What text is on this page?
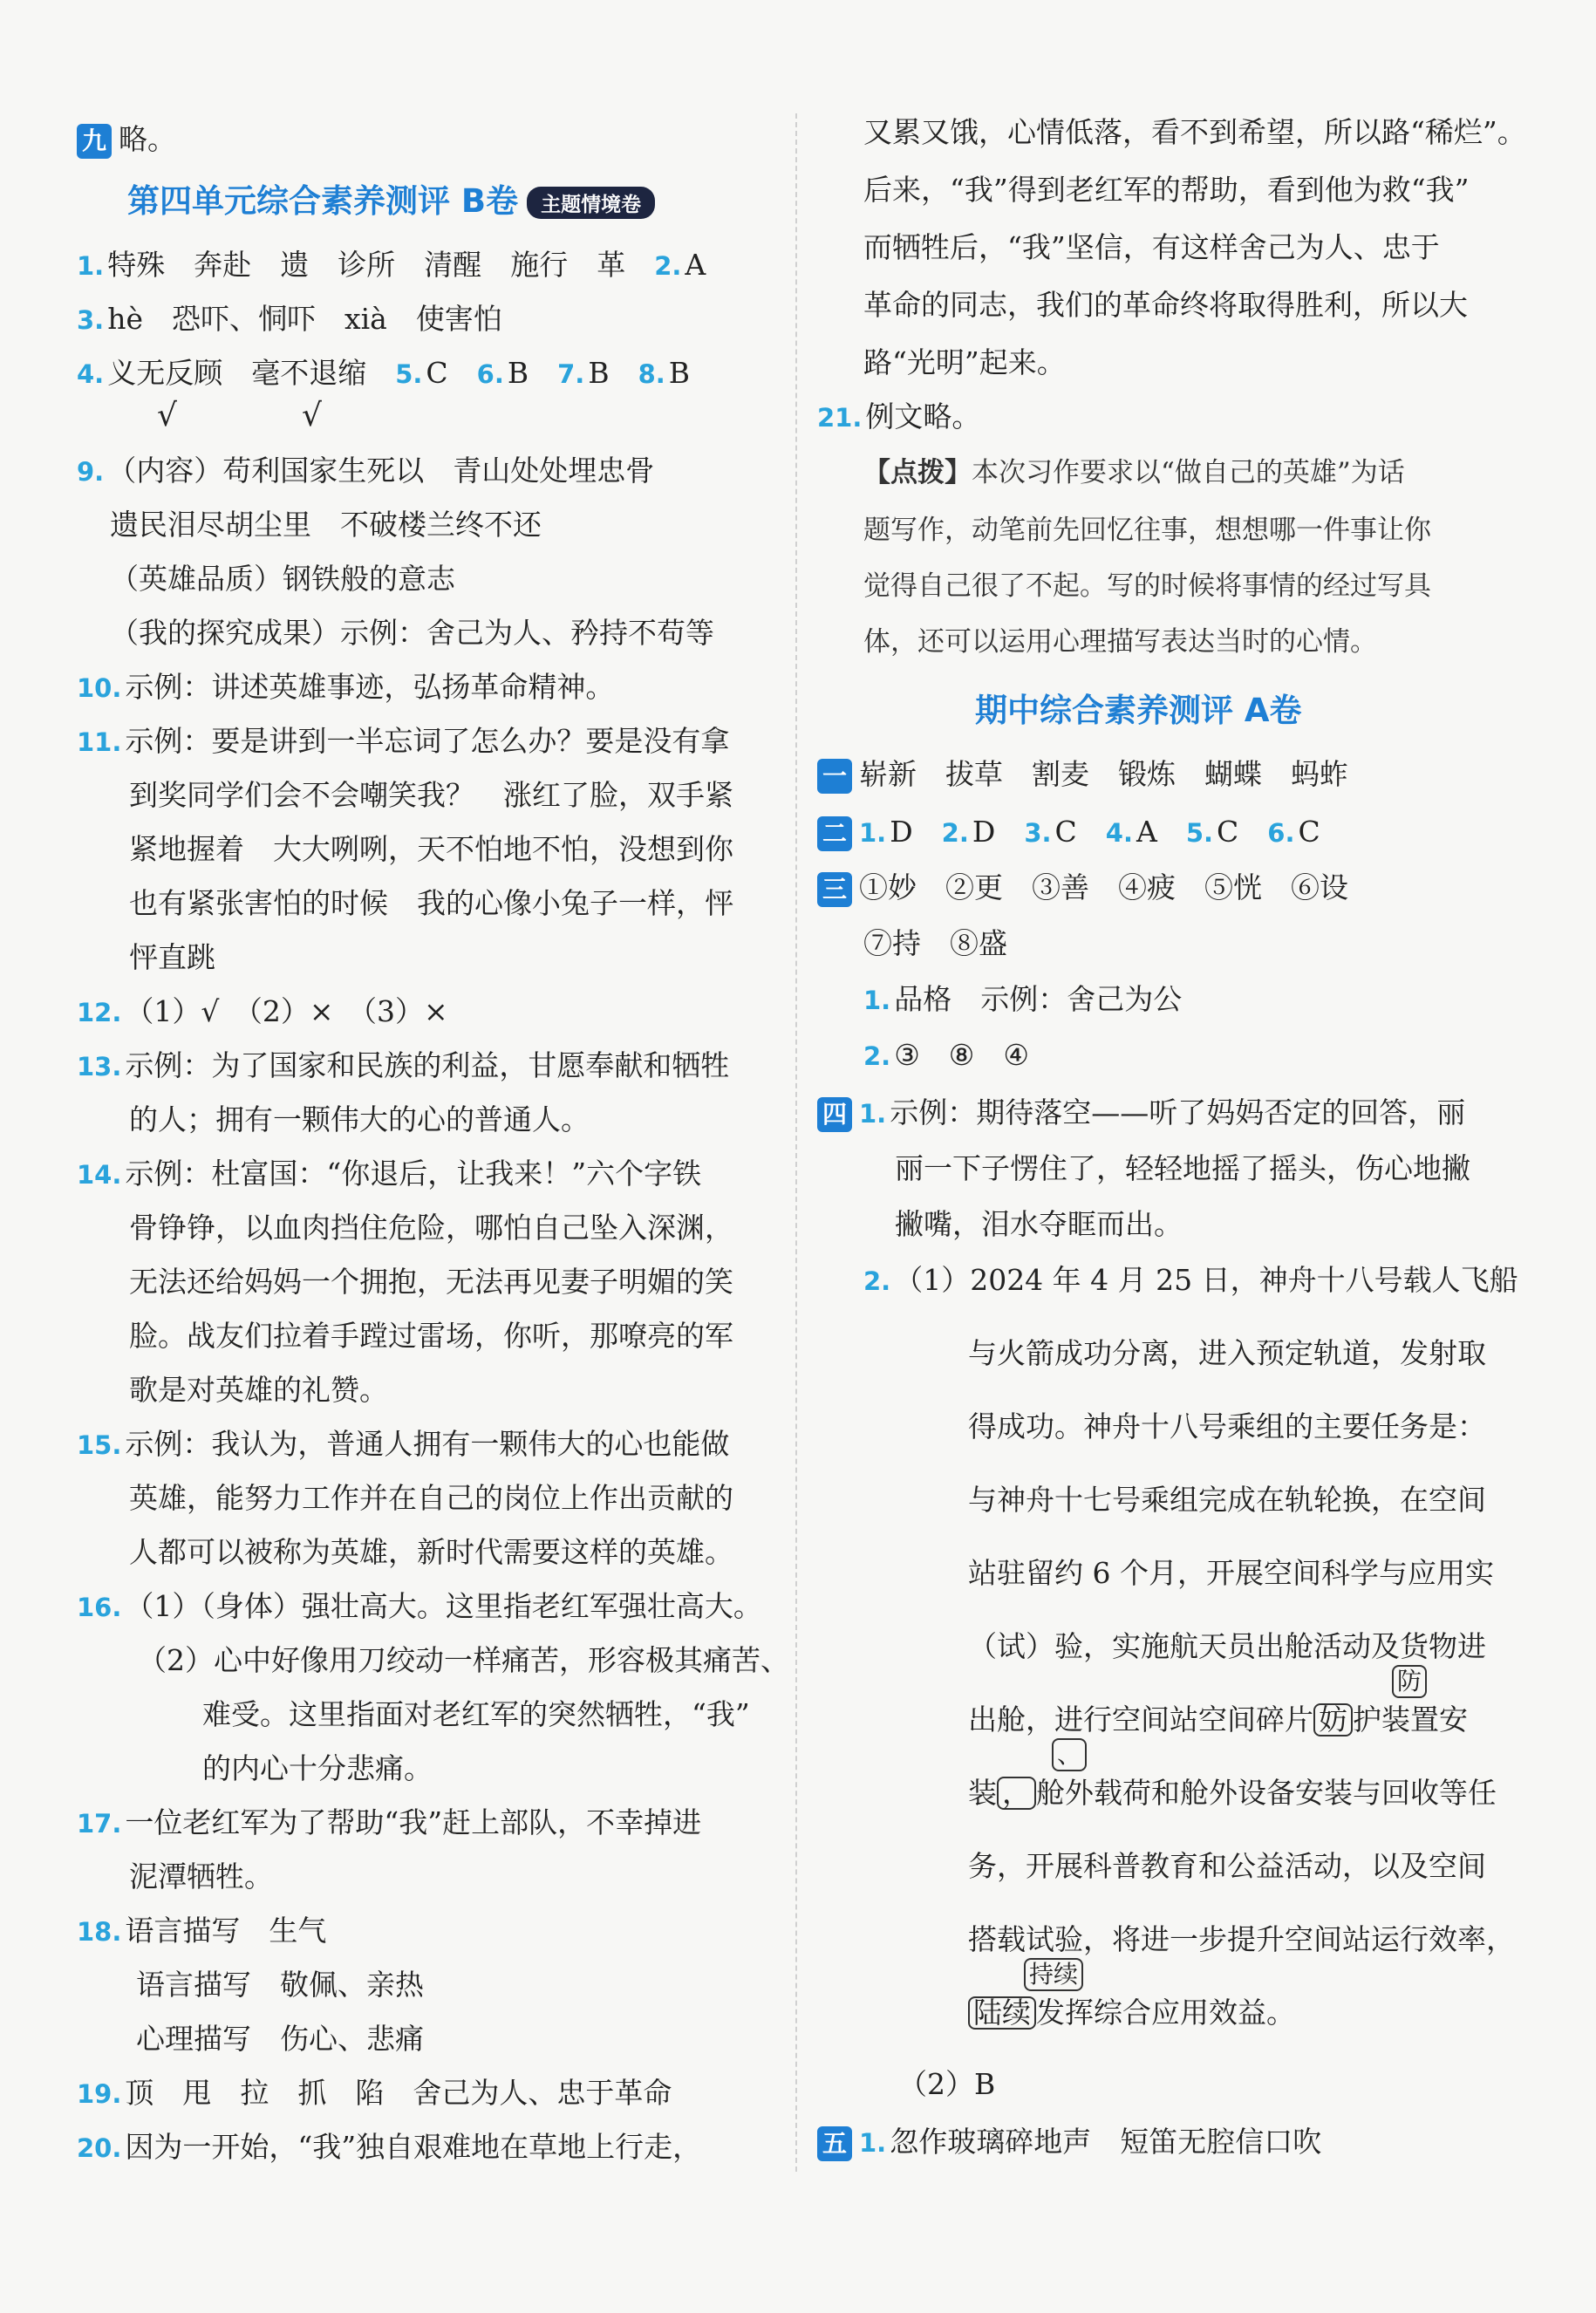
九 略。
第四单元综合素养测评 B卷 主题情境卷
1. 特殊　奔赴　遗　诊所　清醒　施行　革　 2. A
3. hè　恐吓、恫吓　xià　使害怕
4. 义无反顾　毫不退缩　 5. C　 6. B　 7. B　 8. B
√	√
9. （内容）苟利国家生死以　青山处处埋忠骨
遗民泪尽胡尘里　不破楼兰终不还
（英雄品质）钢铁般的意志
（我的探究成果）示例：舍己为人、矜持不苟等
10. 示例：讲述英雄事迹，弘扬革命精神。
11. 示例：要是讲到一半忘词了怎么办？要是没有拿
到奖同学们会不会嘲笑我？　涨红了脸，双手紧
紧地握着　大大咧咧，天不怕地不怕，没想到你
也有紧张害怕的时候　我的心像小兔子一样，怦
怦直跳
12. （1）√　（2）×　（3）×
13. 示例：为了国家和民族的利益，甘愿奉献和牺牲
的人；拥有一颗伟大的心的普通人。
14. 示例：杜富国：“你退后，让我来！”六个字铁
骨铮铮，以血肉挡住危险，哪怕自己坠入深渊，
无法还给妈妈一个拥抱，无法再见妻子明媚的笑
脸。战友们拉着手蹚过雷场，你听，那嘹亮的军
歌是对英雄的礼赞。
15. 示例：我认为，普通人拥有一颗伟大的心也能做
英雄，能努力工作并在自己的岗位上作出贡献的
人都可以被称为英雄，新时代需要这样的英雄。
16. （1）（身体）强壮高大。这里指老红军强壮高大。
（2）心中好像用刀绞动一样痛苦，形容极其痛苦、
难受。这里指面对老红军的突然牺牲，“我”
的内心十分悲痛。
17. 一位老红军为了帮助“我”赶上部队，不幸掉进
泥潭牺牲。
18. 语言描写　生气
语言描写　敬佩、亲热
心理描写　伤心、悲痛
19. 顶　甩　拉　抓　陷　舍己为人、忠于革命
20. 因为一开始，“我”独自艰难地在草地上行走，
又累又饿，心情低落，看不到希望，所以路“稀烂”。
后来，“我”得到老红军的帮助，看到他为救“我”
而牺牲后，“我”坚信，有这样舍己为人、忠于
革命的同志，我们的革命终将取得胜利，所以大
路“光明”起来。
21. 例文略。
【点拨】本次习作要求以“做自己的英雄”为话
题写作，动笔前先回忆往事，想想哪一件事让你
觉得自己很了不起。写的时候将事情的经过写具
体，还可以运用心理描写表达当时的心情。
期中综合素养测评 A卷
一 崭新　拔草　割麦　锻炼　蝴蝶　蚂蚱
二 1. D　 2. D　 3. C　 4. A　 5. C　 6. C
三 ①妙　②更　③善　④疲　⑤恍　⑥设
⑦持　⑧盛
1. 品格　示例：舍己为公
2. ③　⑧　④
四 1. 示例：期待落空——听了妈妈否定的回答，丽
丽一下子愣住了，轻轻地摇了摇头，伤心地撇
撇嘴，泪水夺眶而出。
2. （1）2024 年 4 月 25 日，神舟十八号载人飞船
与火箭成功分离，进入预定轨道，发射取
得成功。神舟十八号乘组的主要任务是：
与神舟十七号乘组完成在轨轮换，在空间
站驻留约 6 个月，开展空间科学与应用实
（试）验，实施航天员出舱活动及货物进
防
出舱，进行空间站空间碎片 妨 护装置安
、
装 ， 舱外载荷和舱外设备安装与回收等任
务，开展科普教育和公益活动，以及空间
搭载试验，将进一步提升空间站运行效率，
持续
陆续 发挥综合应用效益。
（2）B
五 1. 忽作玻璃碎地声　短笛无腔信口吹
